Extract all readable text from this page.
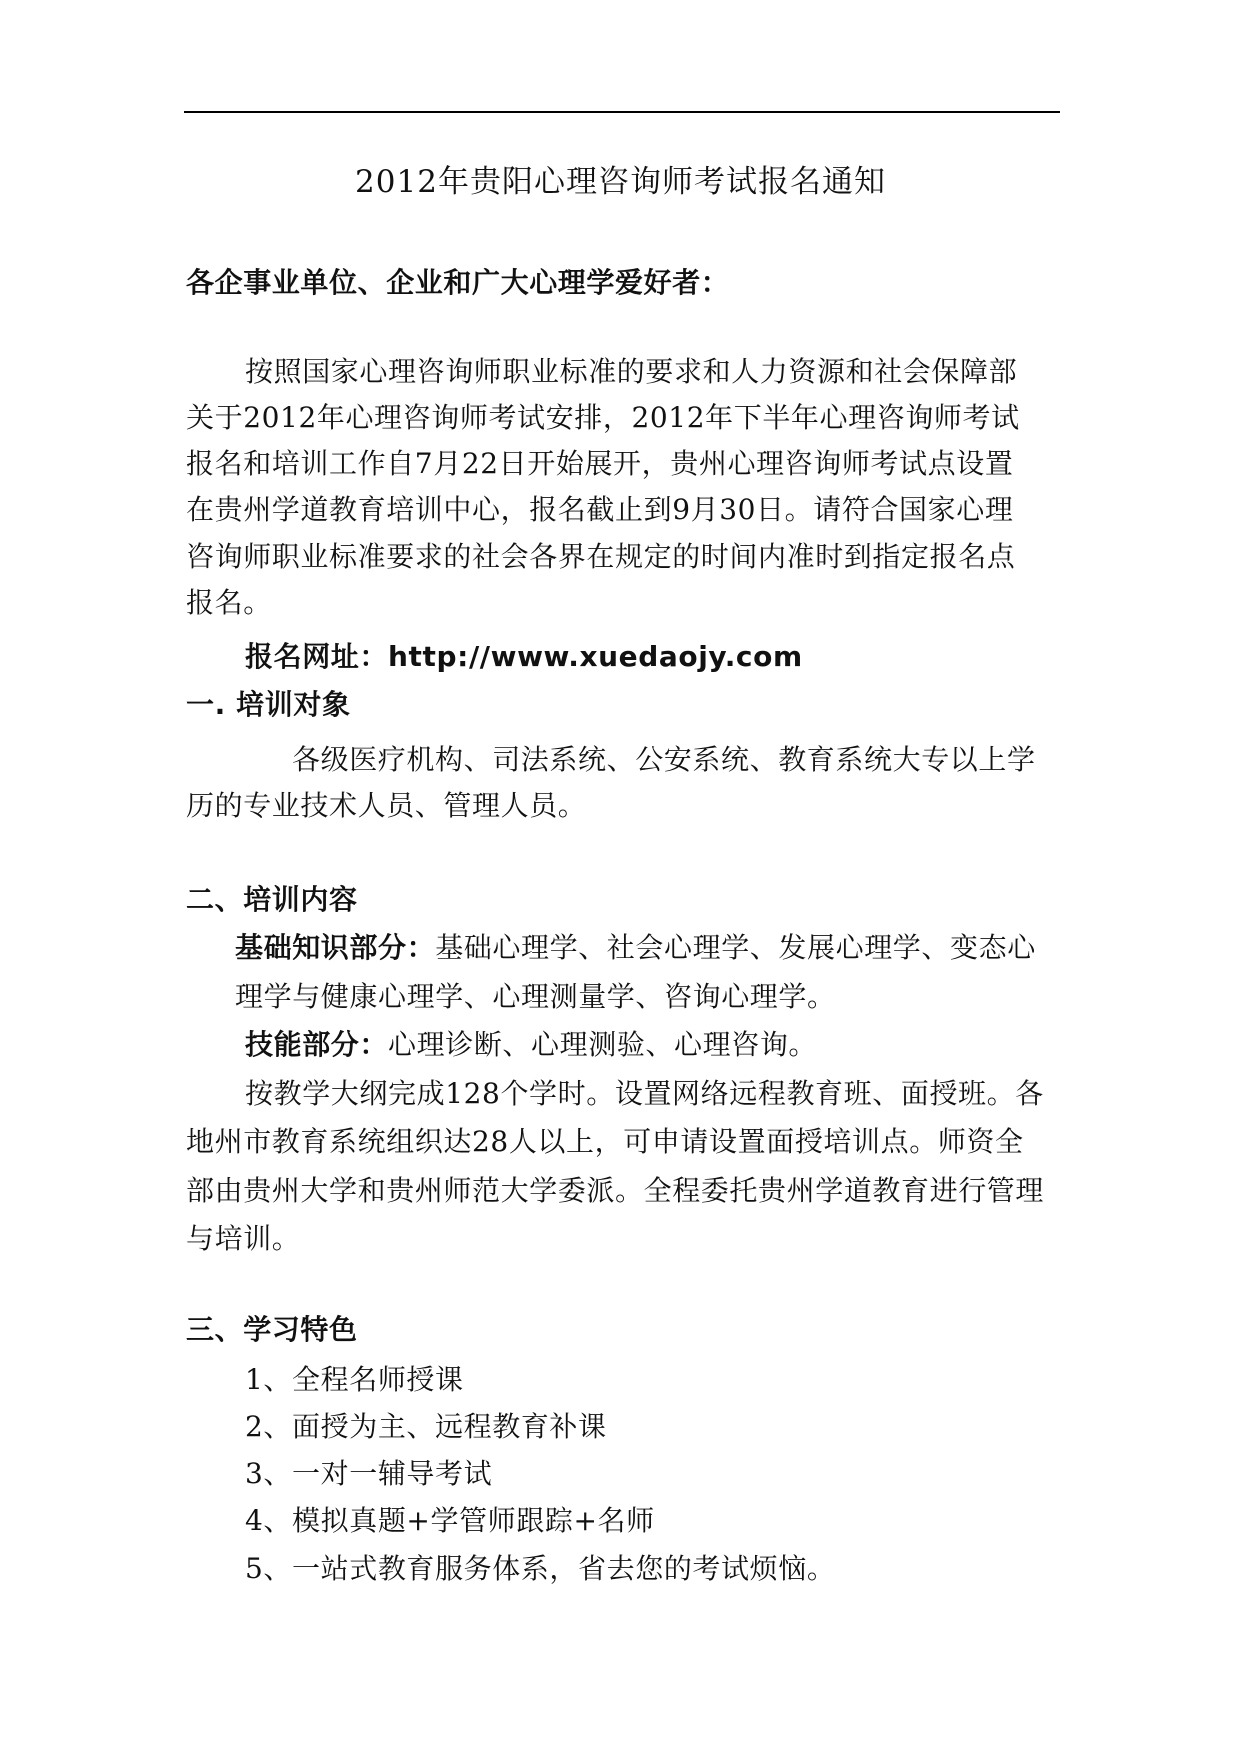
2012年贵阳心理咨询师考试报名通知
各企事业单位、企业和广大心理学爱好者：
按照国家心理咨询师职业标准的要求和人力资源和社会保障部
关于2012年心理咨询师考试安排，2012年下半年心理咨询师考试
报名和培训工作自7月22日开始展开，贵州心理咨询师考试点设置
在贵州学道教育培训中心，报名截止到9月30日。请符合国家心理
咨询师职业标准要求的社会各界在规定的时间内准时到指定报名点
报名。
报名网址：http://www.xuedaojy.com
一. 培训对象
各级医疗机构、司法系统、公安系统、教育系统大专以上学
历的专业技术人员、管理人员。
二、培训内容
基础知识部分：基础心理学、社会心理学、发展心理学、变态心
理学与健康心理学、心理测量学、咨询心理学。
技能部分：心理诊断、心理测验、心理咨询。
按教学大纲完成128个学时。设置网络远程教育班、面授班。各
地州市教育系统组织达28人以上，可申请设置面授培训点。师资全
部由贵州大学和贵州师范大学委派。全程委托贵州学道教育进行管理
与培训。
三、学习特色
1、全程名师授课
2、面授为主、远程教育补课
3、一对一辅导考试
4、模拟真题+学管师跟踪+名师
5、一站式教育服务体系，省去您的考试烦恼。
